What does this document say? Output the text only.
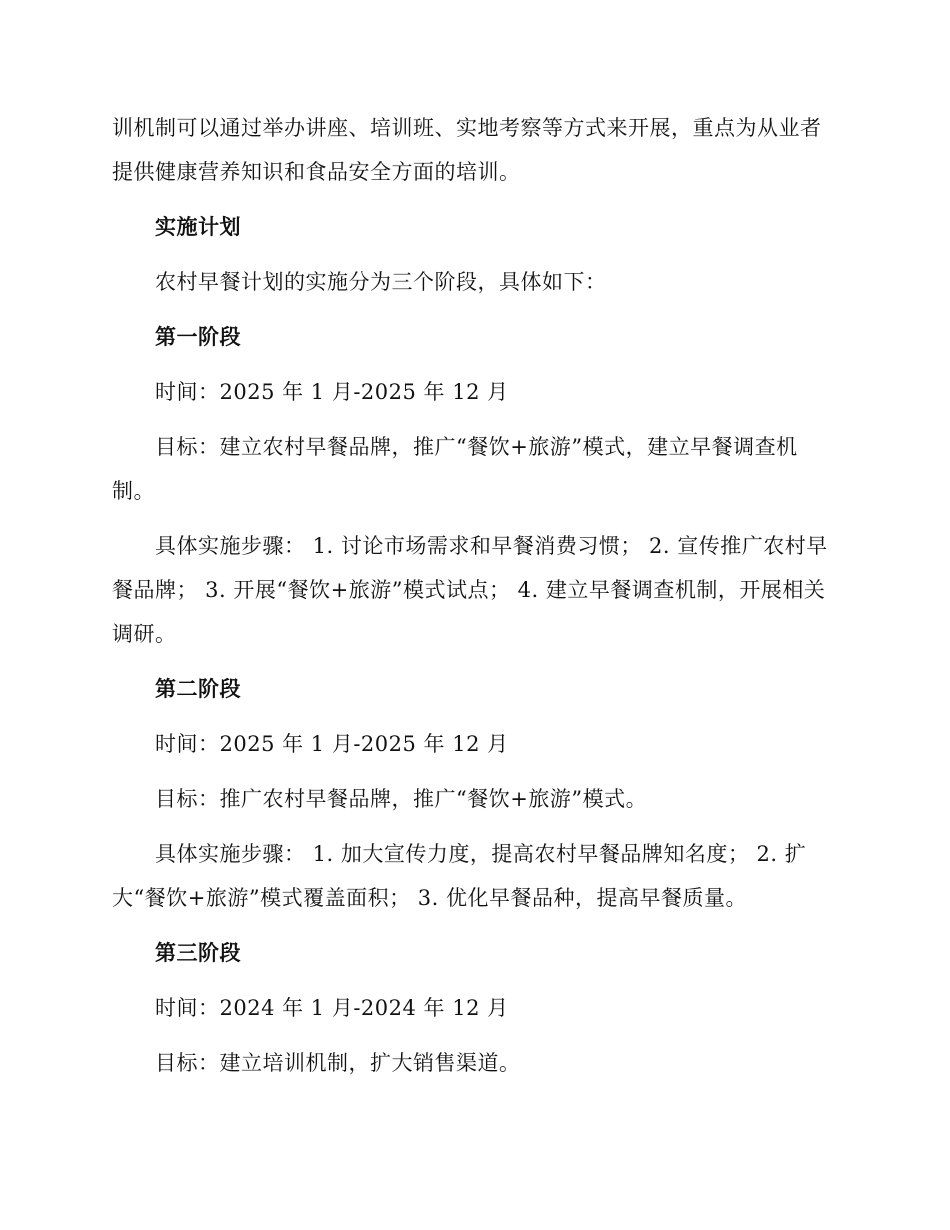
训机制可以通过举办讲座、培训班、实地考察等方式来开展，重点为从业者提供健康营养知识和食品安全方面的培训。

实施计划

农村早餐计划的实施分为三个阶段，具体如下：

第一阶段

时间：2025 年 1 月-2025 年 12 月

目标：建立农村早餐品牌，推广“餐饮+旅游”模式，建立早餐调查机制。

具体实施步骤： 1. 讨论市场需求和早餐消费习惯； 2. 宣传推广农村早餐品牌； 3. 开展“餐饮+旅游”模式试点； 4. 建立早餐调查机制，开展相关调研。

第二阶段

时间：2025 年 1 月-2025 年 12 月

目标：推广农村早餐品牌，推广“餐饮+旅游”模式。

具体实施步骤： 1. 加大宣传力度，提高农村早餐品牌知名度； 2. 扩大“餐饮+旅游”模式覆盖面积； 3. 优化早餐品种，提高早餐质量。

第三阶段

时间：2024 年 1 月-2024 年 12 月

目标：建立培训机制，扩大销售渠道。
